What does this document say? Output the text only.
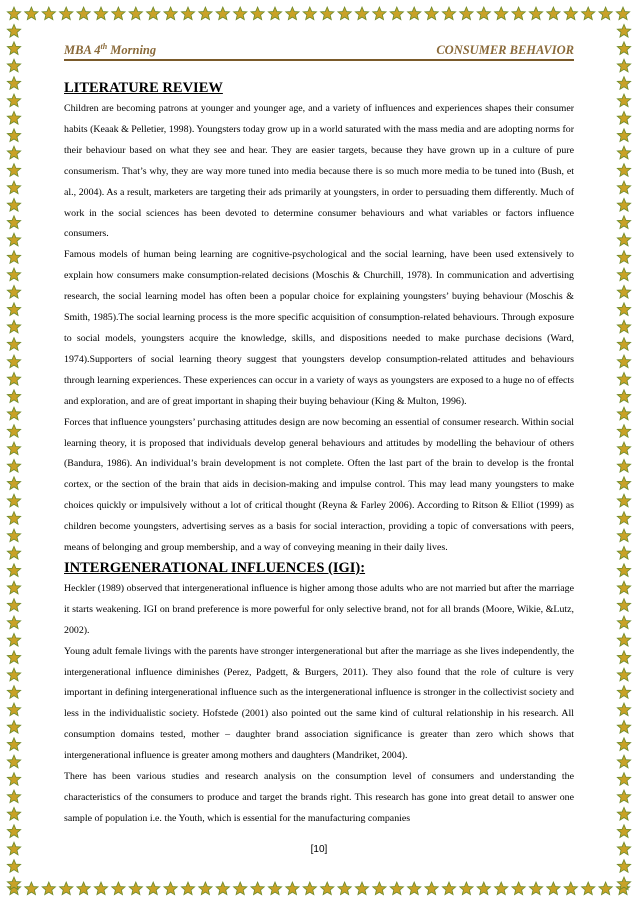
MBA 4th Morning	CONSUMER BEHAVIOR
LITERATURE REVIEW

Children are becoming patrons at younger and younger age, and a variety of influences and experiences shapes their consumer habits (Keaak & Pelletier, 1998). Youngsters today grow up in a world saturated with the mass media and are adopting norms for their behaviour based on what they see and hear. They are easier targets, because they have grown up in a culture of pure consumerism. That’s why, they are way more tuned into media because there is so much more media to be tuned into (Bush, et al., 2004). As a result, marketers are targeting their ads primarily at youngsters, in order to persuading them differently. Much of work in the social sciences has been devoted to determine consumer behaviours and what variables or factors influence consumers.

Famous models of human being learning are cognitive-psychological and the social learning, have been used extensively to explain how consumers make consumption-related decisions (Moschis & Churchill, 1978). In communication and advertising research, the social learning model has often been a popular choice for explaining youngsters’ buying behaviour (Moschis & Smith, 1985).The social learning process is the more specific acquisition of consumption-related behaviours. Through exposure to social models, youngsters acquire the knowledge, skills, and dispositions needed to make purchase decisions (Ward, 1974).Supporters of social learning theory suggest that youngsters develop consumption-related attitudes and behaviours through learning experiences. These experiences can occur in a variety of ways as youngsters are exposed to a huge no of effects and exploration, and are of great important in shaping their buying behaviour (King & Multon, 1996).

Forces that influence youngsters’ purchasing attitudes design are now becoming an essential of consumer research. Within social learning theory, it is proposed that individuals develop general behaviours and attitudes by modelling the behaviour of others (Bandura, 1986). An individual’s brain development is not complete. Often the last part of the brain to develop is the frontal cortex, or the section of the brain that aids in decision-making and impulse control. This may lead many youngsters to make choices quickly or impulsively without a lot of critical thought (Reyna & Farley 2006). According to Ritson & Elliot (1999) as children become youngsters, advertising serves as a basis for social interaction, providing a topic of conversations with peers, means of belonging and group membership, and a way of conveying meaning in their daily lives.

INTERGENERATIONAL INFLUENCES (IGI):

Heckler (1989) observed that intergenerational influence is higher among those adults who are not married but after the marriage it starts weakening. IGI on brand preference is more powerful for only selective brand, not for all brands (Moore, Wikie, &Lutz, 2002).

Young adult female livings with the parents have stronger intergenerational but after the marriage as she lives independently, the intergenerational influence diminishes (Perez, Padgett, & Burgers, 2011). They also found that the role of culture is very important in defining intergenerational influence such as the intergenerational influence is stronger in the collectivist society and less in the individualistic society. Hofstede (2001) also pointed out the same kind of cultural relationship in his research. All consumption domains tested, mother – daughter brand association significance is greater than zero which shows that intergenerational influence is greater among mothers and daughters (Mandriket, 2004).

There has been various studies and research analysis on the consumption level of consumers and understanding the characteristics of the consumers to produce and target the brands right. This research has gone into great detail to answer one sample of population i.e. the Youth, which is essential for the manufacturing companies

[10]
